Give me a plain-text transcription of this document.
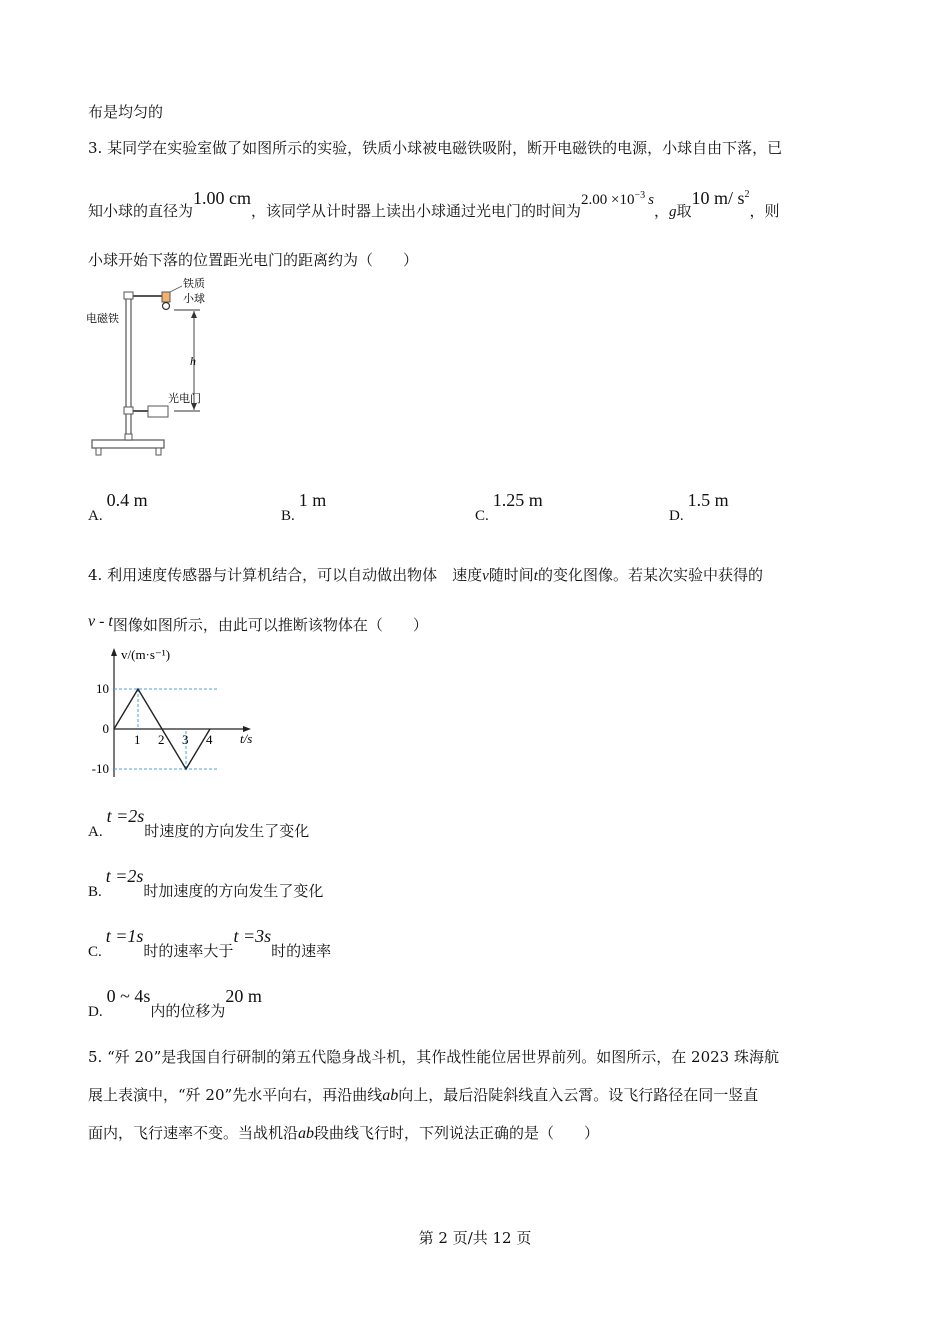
布是均匀的
3. 某同学在实验室做了如图所示的实验，铁质小球被电磁铁吸附，断开电磁铁的电源，小球自由下落，已
知小球的直径为1.00 cm，该同学从计时器上读出小球通过光电门的时间为$2.00 \times 10^{-3}$ s，g取10 m/ $s^2$，则
小球开始下落的位置距光电门的距离约为（　　）
铁质
小球
电磁铁
h
光电门
A.0.4 m
B.1 m
C.1.25 m
D.1.5 m
4. 利用速度传感器与计算机结合，可以自动做出物体　速度v随时间t的变化图像。若某次实验中获得的
v - t图像如图所示，由此可以推断该物体在（　　）
1 2 3 4
10
0
-10
v/(m·s⁻¹)
t/s
A.t =2s时速度的方向发生了变化
B.t =2s时加速度的方向发生了变化
C.t =1s时的速率大于t =3s时的速率
D.0 ~ 4s内的位移为20 m
5. “歼 20”是我国自行研制的第五代隐身战斗机，其作战性能位居世界前列。如图所示，在 2023 珠海航
展上表演中，“歼 20”先水平向右，再沿曲线ab向上，最后沿陡斜线直入云霄。设飞行路径在同一竖直
面内，飞行速率不变。当战机沿ab段曲线飞行时，下列说法正确的是（　　）
第 2 页/共 12 页
